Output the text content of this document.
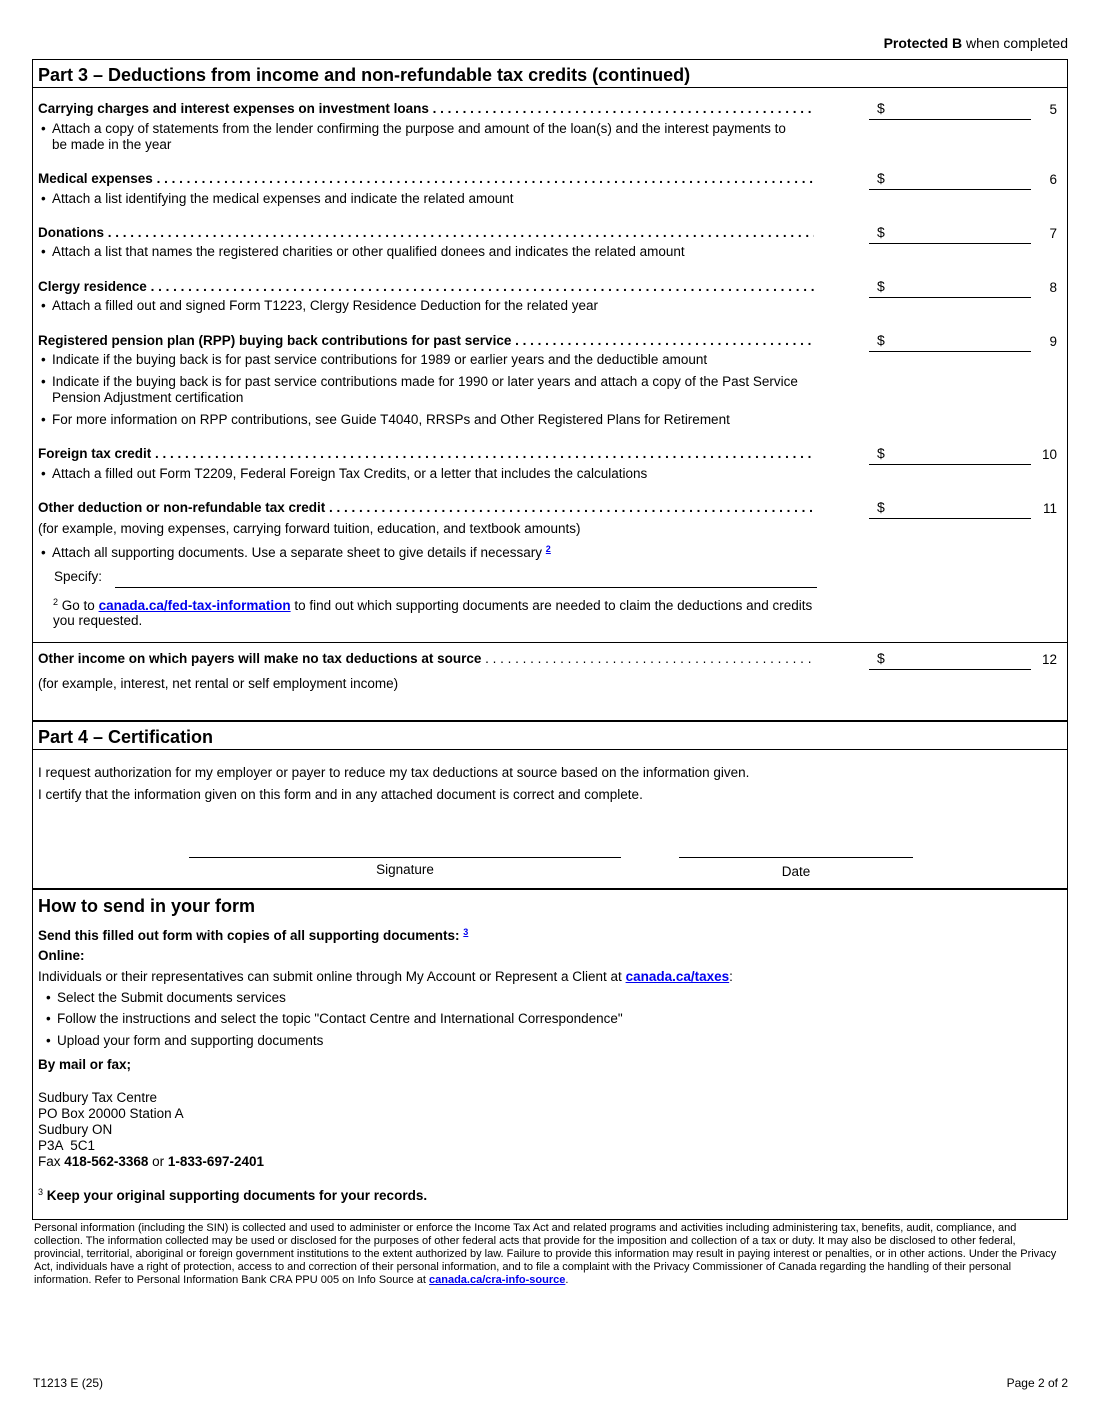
Protected B when completed
Part 3 – Deductions from income and non-refundable tax credits (continued)
Carrying charges and interest expenses on investment loans . . .	$	5
• Attach a copy of statements from the lender confirming the purpose and amount of the loan(s) and the interest payments to be made in the year
Medical expenses . . .	$	6
• Attach a list identifying the medical expenses and indicate the related amount
Donations . . .	$	7
• Attach a list that names the registered charities or other qualified donees and indicates the related amount
Clergy residence . . .	$	8
• Attach a filled out and signed Form T1223, Clergy Residence Deduction for the related year
Registered pension plan (RPP) buying back contributions for past service . . .	$	9
• Indicate if the buying back is for past service contributions for 1989 or earlier years and the deductible amount
• Indicate if the buying back is for past service contributions made for 1990 or later years and attach a copy of the Past Service Pension Adjustment certification
• For more information on RPP contributions, see Guide T4040, RRSPs and Other Registered Plans for Retirement
Foreign tax credit . . .	$	10
• Attach a filled out Form T2209, Federal Foreign Tax Credits, or a letter that includes the calculations
Other deduction or non-refundable tax credit . . .	$	11
(for example, moving expenses, carrying forward tuition, education, and textbook amounts)
• Attach all supporting documents. Use a separate sheet to give details if necessary $^2$
Specify:
$^2$ Go to canada.ca/fed-tax-information to find out which supporting documents are needed to claim the deductions and credits you requested.
Other income on which payers will make no tax deductions at source . . .	$	12
(for example, interest, net rental or self employment income)
Part 4 – Certification
I request authorization for my employer or payer to reduce my tax deductions at source based on the information given.
I certify that the information given on this form and in any attached document is correct and complete.
Signature	Date
How to send in your form
Send this filled out form with copies of all supporting documents: $^3$
Online:
Individuals or their representatives can submit online through My Account or Represent a Client at canada.ca/taxes:
• Select the Submit documents services
• Follow the instructions and select the topic "Contact Centre and International Correspondence"
• Upload your form and supporting documents
By mail or fax;
Sudbury Tax Centre
PO Box 20000 Station A
Sudbury ON
P3A  5C1
Fax 418-562-3368 or 1-833-697-2401
$^3$ Keep your original supporting documents for your records.
Personal information (including the SIN) is collected and used to administer or enforce the Income Tax Act and related programs and activities including administering tax, benefits, audit, compliance, and collection. The information collected may be used or disclosed for the purposes of other federal acts that provide for the imposition and collection of a tax or duty. It may also be disclosed to other federal, provincial, territorial, aboriginal or foreign government institutions to the extent authorized by law. Failure to provide this information may result in paying interest or penalties, or in other actions. Under the Privacy Act, individuals have a right of protection, access to and correction of their personal information, and to file a complaint with the Privacy Commissioner of Canada regarding the handling of their personal information. Refer to Personal Information Bank CRA PPU 005 on Info Source at canada.ca/cra-info-source.
T1213 E (25)	Page 2 of 2
